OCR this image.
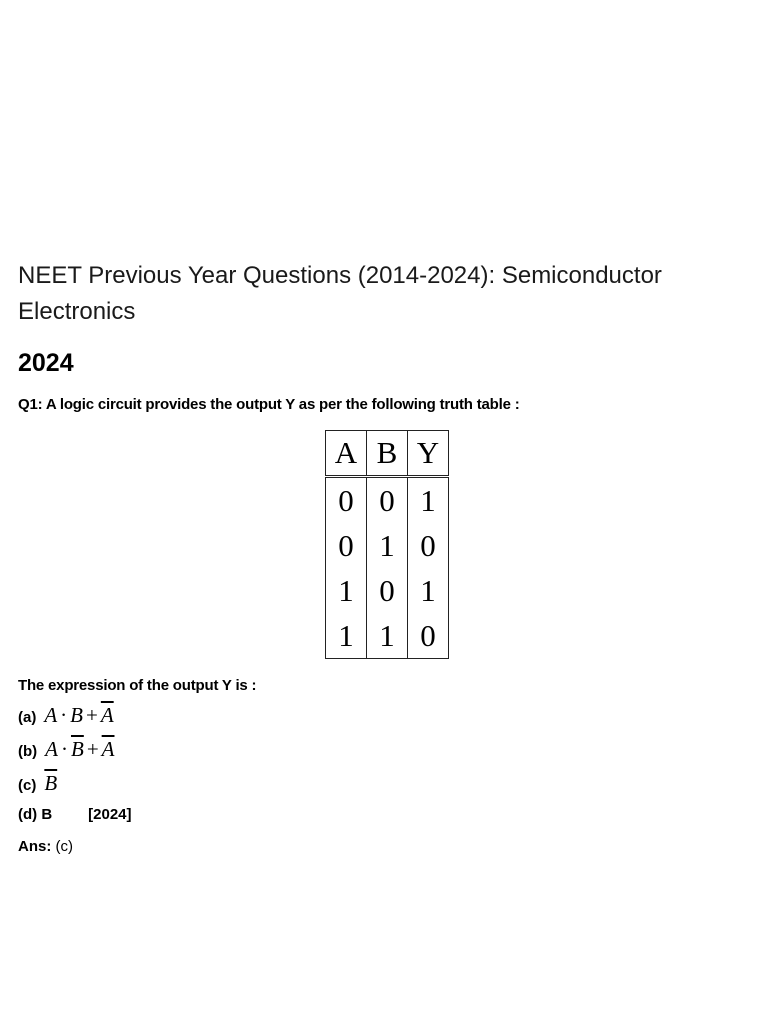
NEET Previous Year Questions (2014-2024): Semiconductor Electronics
2024

Q1: A logic circuit provides the output Y as per the following truth table :

A	B	Y
0	0	1
0	1	0
1	0	1
1	1	0

The expression of the output Y is :

(a) $A \cdot B + \overline{A}$
(b) $A \cdot \overline{B} + \overline{A}$
(c) $\overline{B}$
(d) B [2024]

Ans: (c)
